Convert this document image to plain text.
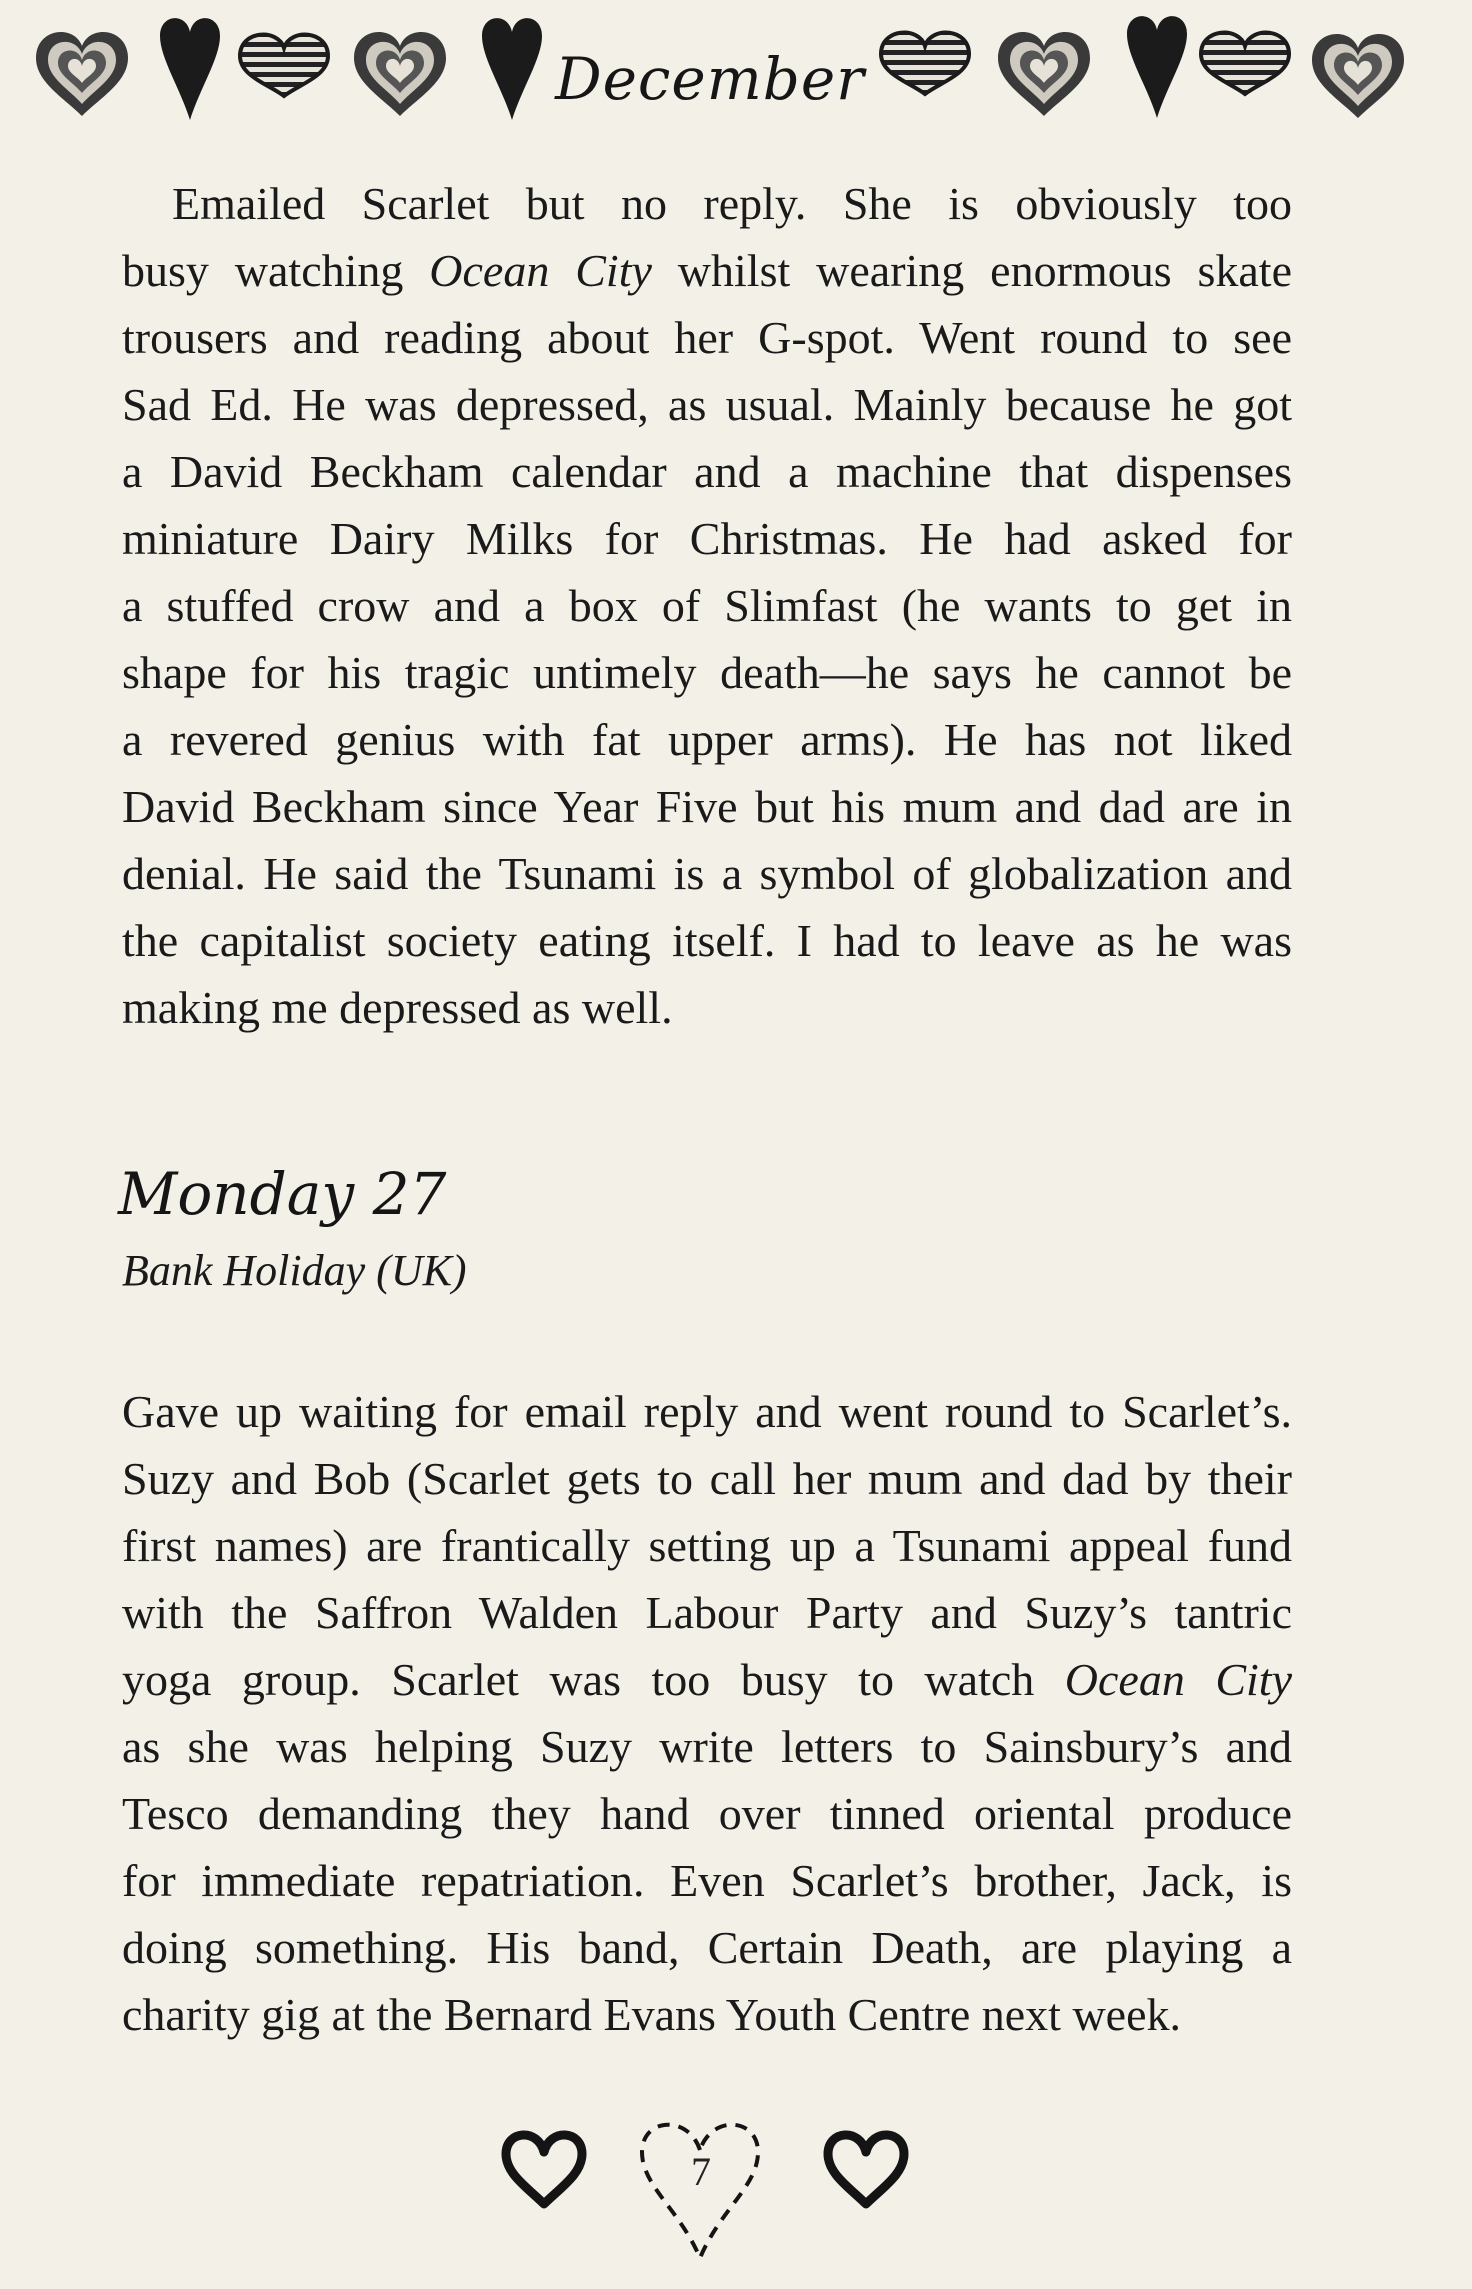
December
Emailed Scarlet but no reply. She is obviously too
busy watching Ocean City whilst wearing enormous skate
trousers and reading about her G-spot. Went round to see
Sad Ed. He was depressed, as usual. Mainly because he got
a David Beckham calendar and a machine that dispenses
miniature Dairy Milks for Christmas. He had asked for
a stuffed crow and a box of Slimfast (he wants to get in
shape for his tragic untimely death—he says he cannot be
a revered genius with fat upper arms). He has not liked
David Beckham since Year Five but his mum and dad are in
denial. He said the Tsunami is a symbol of globalization and
the capitalist society eating itself. I had to leave as he was
making me depressed as well.
Monday 27
Bank Holiday (UK)
Gave up waiting for email reply and went round to Scarlet’s.
Suzy and Bob (Scarlet gets to call her mum and dad by their
first names) are frantically setting up a Tsunami appeal fund
with the Saffron Walden Labour Party and Suzy’s tantric
yoga group. Scarlet was too busy to watch Ocean City
as she was helping Suzy write letters to Sainsbury’s and
Tesco demanding they hand over tinned oriental produce
for immediate repatriation. Even Scarlet’s brother, Jack, is
doing something. His band, Certain Death, are playing a
charity gig at the Bernard Evans Youth Centre next week.
7
